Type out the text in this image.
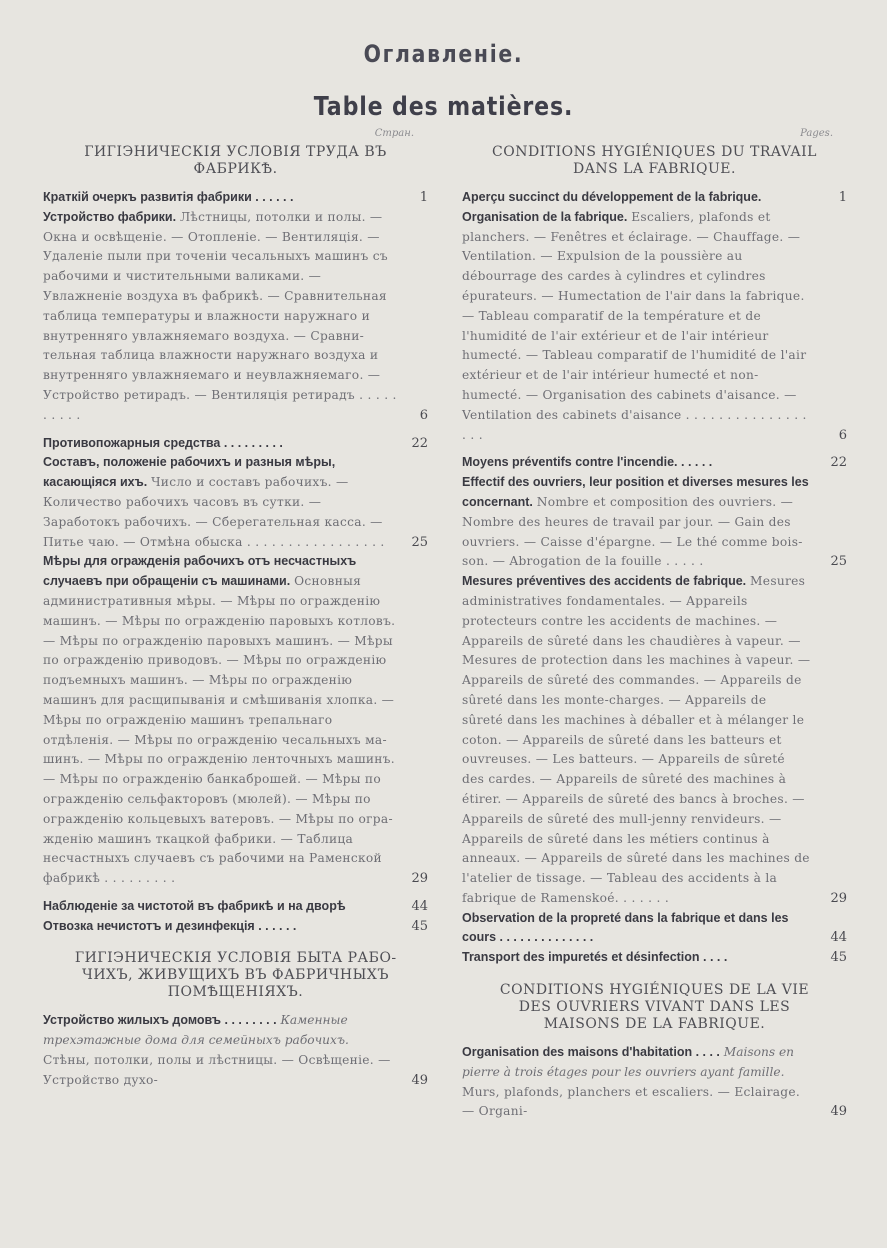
Оглавленіе.
Table des matières.
Стран.
ГИГІЭНИЧЕСКІЯ УСЛОВІЯ ТРУДА ВЪ ФАБРИКѢ.
Краткій очеркъ развитія фабрики . . . . . .	1
Устройство фабрики. Лѣстницы, потолки и полы. — Окна и освѣщеніе. — Отопленіе. — Вентиляція. — Удаленіе пыли при точеніи чесальныхъ машинъ съ рабочими и чистительными валиками. — Увлажненіе воздуха въ фабрикѣ. — Сравнительная таблица температуры и влажности наружнаго и внутренняго увлажняемаго воздуха. — Сравнительная таблица влажности наружнаго воздуха и внутренняго увлажняемаго и неувлажняемаго. — Устройство ретирадъ. — Вентиляція ретирадъ . . . . . . . . . .	6
Противопожарныя средства . . . . . . . . .	22
Составъ, положеніе рабочихъ и разныя мѣры, касающіяся ихъ. Число и составъ рабочихъ. — Количество рабочихъ часовъ въ сутки. — Заработокъ рабочихъ. — Сберегательная касса. — Питье чаю. — Отмѣна обыска . . . . . . . . . . . . . . . . . 25
Мѣры для огражденія рабочихъ отъ несчастныхъ случаевъ при обращеніи съ машинами. Основныя административныя мѣры. — Мѣры по огражденію машинъ. — Мѣры по огражденію паровыхъ котловъ. — Мѣры по огражденію паровыхъ машинъ. — Мѣры по огражденію приводовъ. — Мѣры по огражденію подъемныхъ машинъ. — Мѣры по огражденію машинъ для расщипыванія и смѣшиванія хлопка. — Мѣры по огражденію машинъ трепальнаго отдѣленія. — Мѣры по огражденію чесальныхъ машинъ. — Мѣры по огражденію ленточныхъ машинъ. — Мѣры по огражденію банкаброшей. — Мѣры по огражденію сельфакторовъ (мюлей). — Мѣры по огражденію кольцевыхъ ватеровъ. — Мѣры по огражденію машинъ ткацкой фабрики. — Таблица несчастныхъ случаевъ съ рабочими на Раменской фабрикѣ . . . . . . . . .	29
Наблюденіе за чистотой въ фабрикѣ и на дворѣ	44
Отвозка нечистотъ и дезинфекція . . . . . .	45
ГИГІЭНИЧЕСКІЯ УСЛОВІЯ БЫТА РАБОЧИХЪ, ЖИВУЩИХЪ ВЪ ФАБРИЧНЫХЪ ПОМѢЩЕНІЯХЪ.
Устройство жилыхъ домовъ . . . . . . . . Каменные трехэтажные дома для семейныхъ рабочихъ. Стѣны, потолки, полы и лѣстницы. — Освѣщеніе. — Устройство духо-	49
Pages.
CONDITIONS HYGIÉNIQUES DU TRAVAIL DANS LA FABRIQUE.
Aperçu succinct du développement de la fabrique.	1
Organisation de la fabrique. Escaliers, plafonds et planchers. — Fenêtres et éclairage. — Chauffage. — Ventilation. — Expulsion de la poussière au débourrage des cardes à cylindres et cylindres épurateurs. — Humectation de l'air dans la fabrique. — Tableau comparatif de la température et de l'humidité de l'air extérieur et de l'air intérieur humecté. — Tableau comparatif de l'humidité de l'air extérieur et de l'air intérieur humecté et non-humecté. — Organisation des cabinets d'aisance. — Ventilation des cabinets d'aisance . . . . . . . . . . . . . . . . . .	6
Moyens préventifs contre l'incendie. . . . . .	22
Effectif des ouvriers, leur position et diverses mesures les concernant. Nombre et composition des ouvriers. — Nombre des heures de travail par jour. — Gain des ouvriers. — Caisse d'épargne. — Le thé comme boisson. — Abrogation de la fouille . . . . .	25
Mesures préventives des accidents de fabrique. Mesures administratives fondamentales. — Appareils protecteurs contre les accidents de machines. — Appareils de sûreté dans les chaudières à vapeur. — Mesures de protection dans les machines à vapeur. — Appareils de sûreté des commandes. — Appareils de sûreté dans les monte-charges. — Appareils de sûreté dans les machines à déballer et à mélanger le coton. — Appareils de sûreté dans les batteurs et ouvreuses. — Les batteurs. — Appareils de sûreté des cardes. — Appareils de sûreté des machines à étirer. — Appareils de sûreté des bancs à broches. — Appareils de sûreté des mull-jenny renvideurs. — Appareils de sûreté dans les métiers continus à anneaux. — Appareils de sûreté dans les machines de l'atelier de tissage. — Tableau des accidents à la fabrique de Ramenskoé. . . . . . .	29
Observation de la propreté dans la fabrique et dans les cours . . . . . . . . . . . . . .	44
Transport des impuretés et désinfection . . . .	45
CONDITIONS HYGIÉNIQUES DE LA VIE DES OUVRIERS VIVANT DANS LES MAISONS DE LA FABRIQUE.
Organisation des maisons d'habitation . . . . Maisons en pierre à trois étages pour les ouvriers ayant famille. Murs, plafonds, planchers et escaliers. — Eclairage. — Organi-	49
